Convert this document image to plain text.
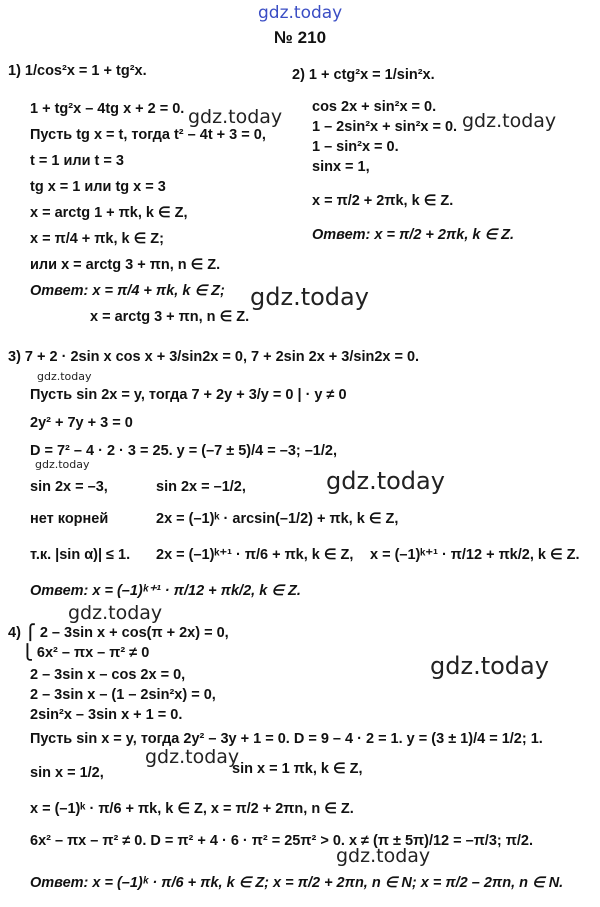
gdz.today
gdz.today	gdz.today
gdz.today
gdz.today
gdz.today
gdz.today
gdz.today
gdz.today
gdz.today
gdz.today
№ 210
1) 1/cos²x = 1 + tg²x.
1 + tg²x – 4tg x + 2 = 0.
Пусть tg x = t, тогда t² – 4t + 3 = 0,
t = 1 или t = 3
tg x = 1 или tg x = 3
x = arctg 1 + πk, k ∈ Z,
x = π/4 + πk, k ∈ Z;
или x = arctg 3 + πn, n ∈ Z.
Ответ: x = π/4 + πk, k ∈ Z;
x = arctg 3 + πn, n ∈ Z.
2) 1 + ctg²x = 1/sin²x.
cos 2x + sin²x = 0.
1 – 2sin²x + sin²x = 0.
1 – sin²x = 0.
sinx = 1,
x = π/2 + 2πk, k ∈ Z.
Ответ: x = π/2 + 2πk, k ∈ Z.
3) 7 + 2 · 2sin x cos x + 3/sin2x = 0, 7 + 2sin 2x + 3/sin2x = 0.
Пусть sin 2x = y, тогда 7 + 2y + 3/y = 0 | · y ≠ 0
2y² + 7y + 3 = 0
D = 7² – 4 · 2 · 3 = 25. y = (–7 ± 5)/4 = –3; –1/2,
sin 2x = –3,	sin 2x = –1/2,
нет корней	2x = (–1)ᵏ · arcsin(–1/2) + πk, k ∈ Z,
т.к. |sin α)| ≤ 1. 2x = (–1)ᵏ⁺¹ · π/6 + πk, k ∈ Z, x = (–1)ᵏ⁺¹ · π/12 + πk/2, k ∈ Z.
Ответ: x = (–1)ᵏ⁺¹ · π/12 + πk/2, k ∈ Z.
4) ⎧ 2 – 3sin x + cos(π + 2x) = 0,
⎩ 6x² – πx – π² ≠ 0
2 – 3sin x – cos 2x = 0,
2 – 3sin x – (1 – 2sin²x) = 0,
2sin²x – 3sin x + 1 = 0.
Пусть sin x = y, тогда 2y² – 3y + 1 = 0. D = 9 – 4 · 2 = 1. y = (3 ± 1)/4 = 1/2; 1.
sin x = 1/2,	sin x = 1 πk, k ∈ Z,
x = (–1)ᵏ · π/6 + πk, k ∈ Z, x = π/2 + 2πn, n ∈ Z.
6x² – πx – π² ≠ 0. D = π² + 4 · 6 · π² = 25π² > 0. x ≠ (π ± 5π)/12 = –π/3; π/2.
Ответ: x = (–1)ᵏ · π/6 + πk, k ∈ Z; x = π/2 + 2πn, n ∈ N; x = π/2 – 2πn, n ∈ N.
